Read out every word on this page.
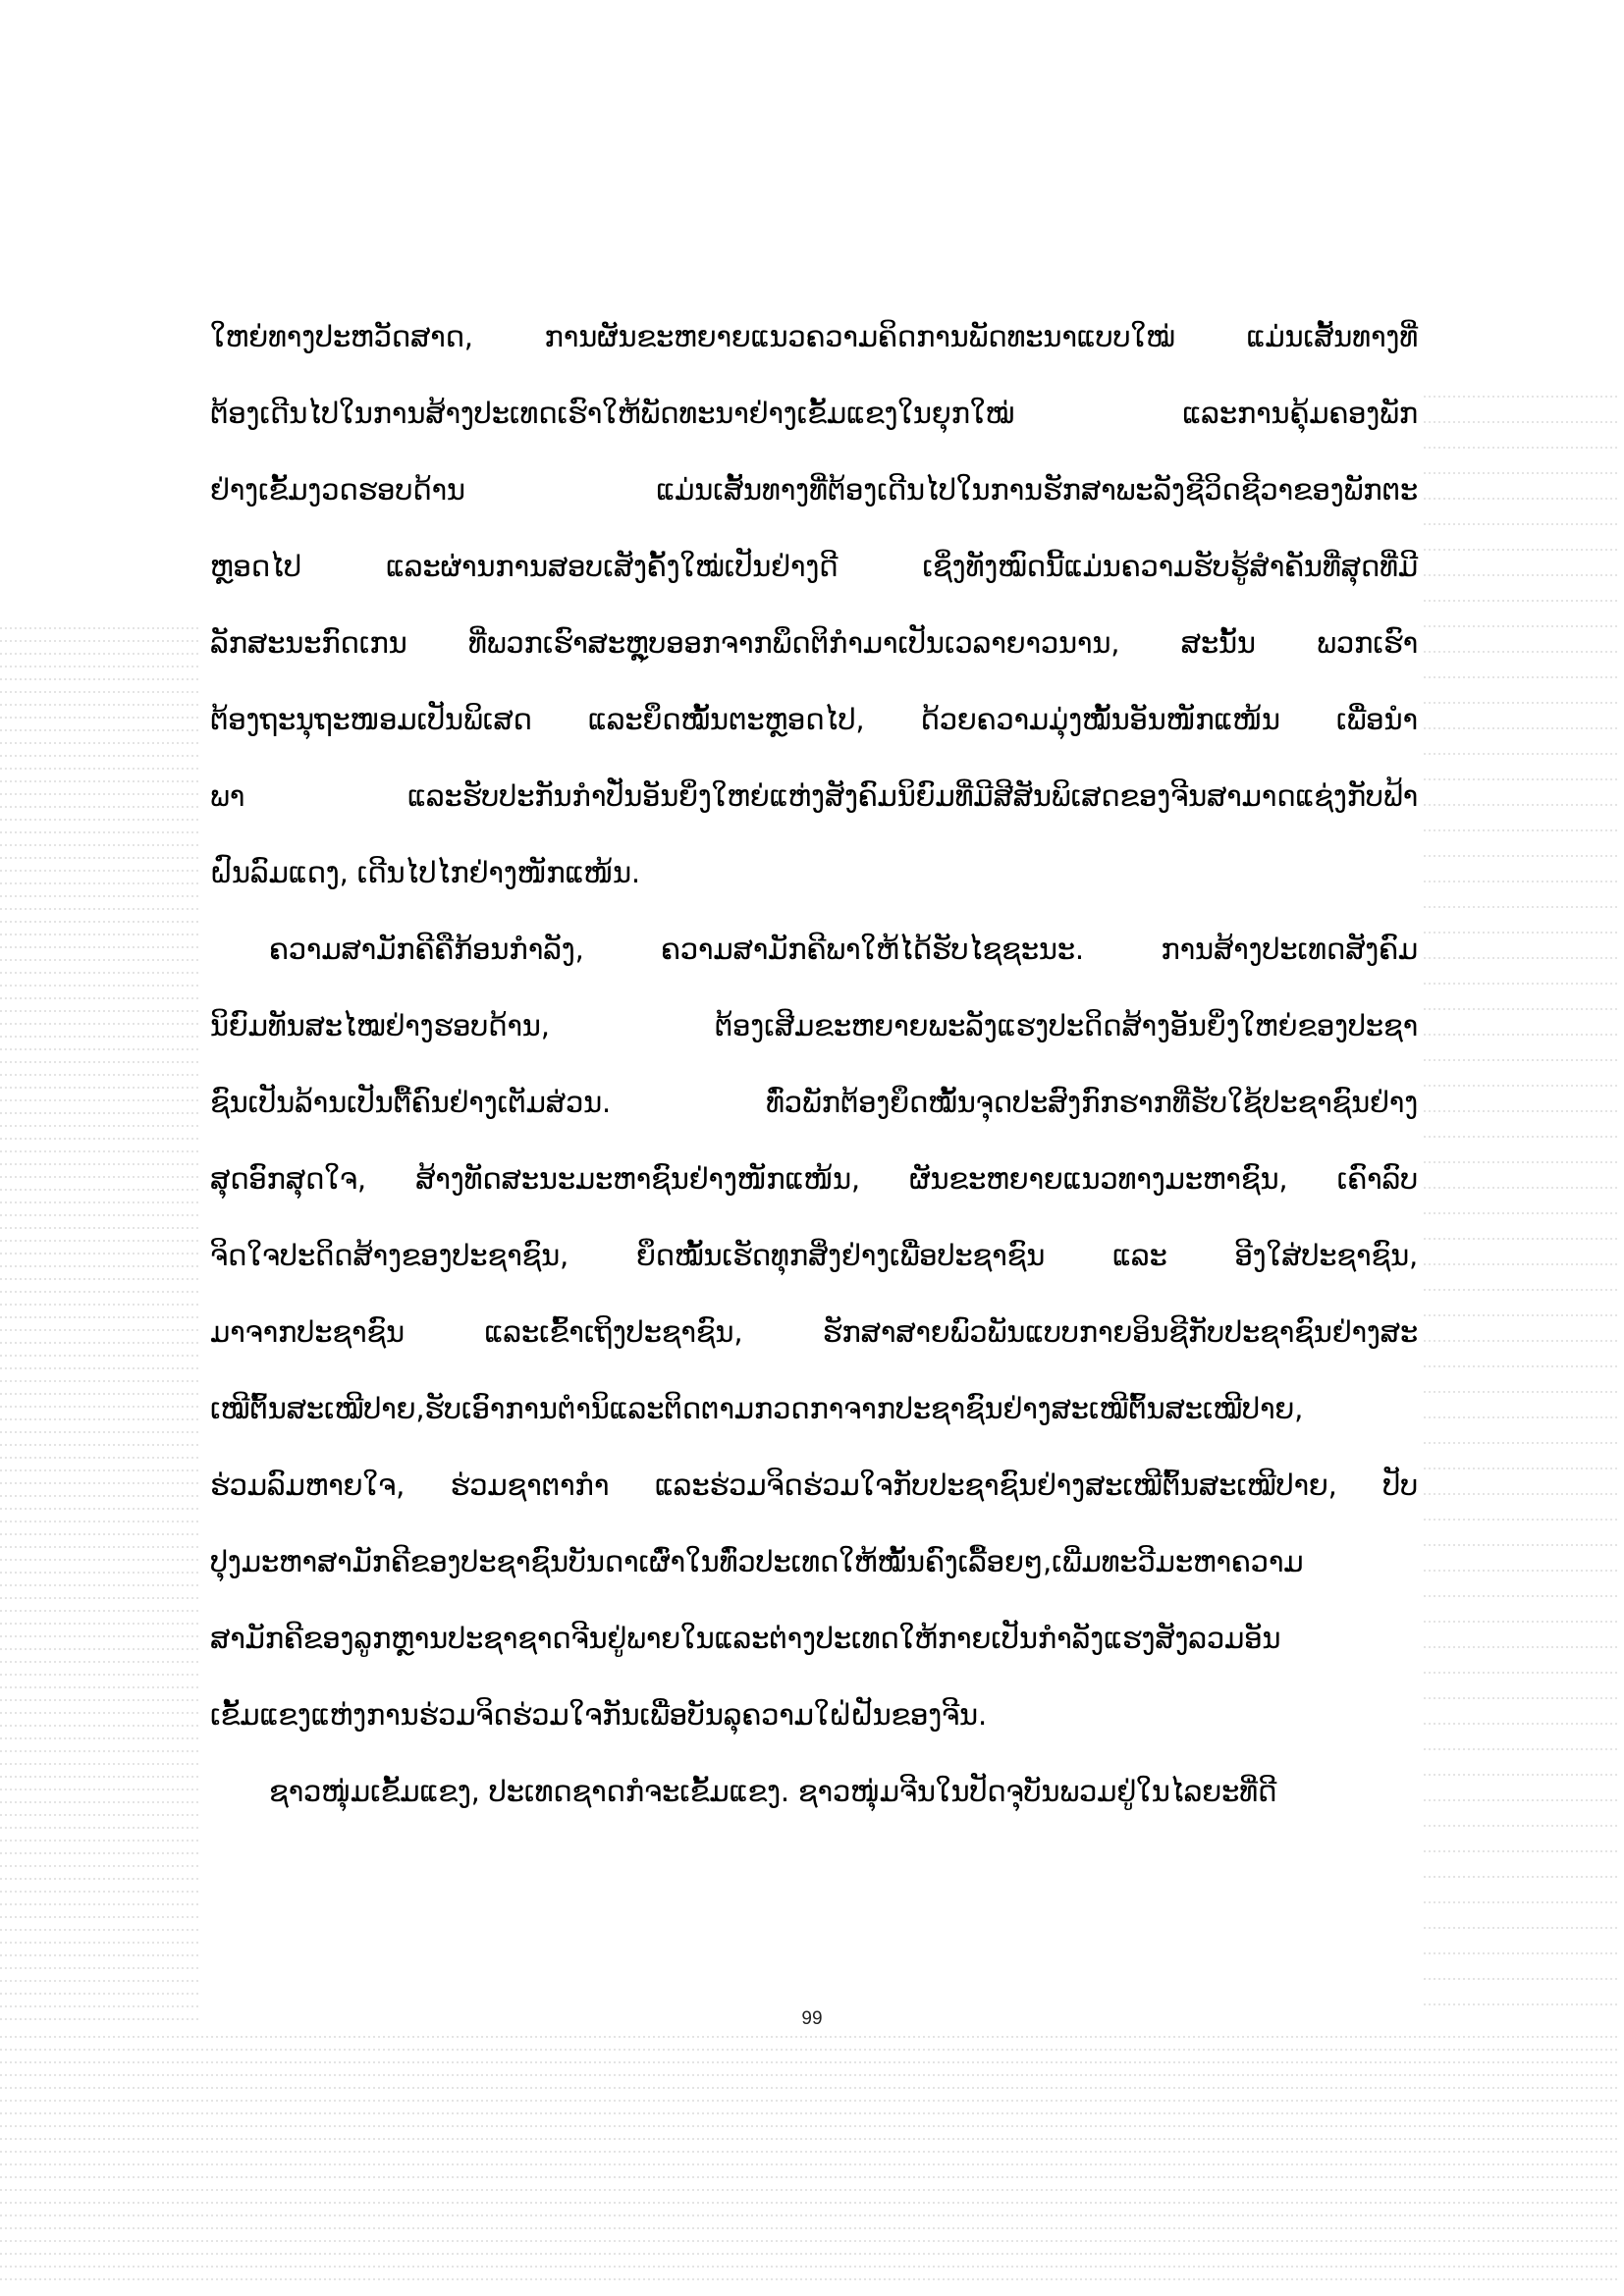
ໃຫຍ່ທາງປະຫວັດສາດ, ການຜັນຂະຫຍາຍແນວຄວາມຄິດການພັດທະນາແບບໃໝ່ ແມ່ນເສັ້ນທາງທີ່
ຕ້ອງເດີນໄປໃນການສ້າງປະເທດເຮົາໃຫ້ພັດທະນາຢ່າງເຂັ້ມແຂງໃນຍຸກໃໝ່ ແລະການຄຸ້ມຄອງພັກ
ຢ່າງເຂັ້ມງວດຮອບດ້ານ ແມ່ນເສັ້ນທາງທີ່ຕ້ອງເດີນໄປໃນການຮັກສາພະລັງຊີວິດຊີວາຂອງພັກຕະ
ຫຼອດໄປ ແລະຜ່ານການສອບເສັງຄັ້ງໃໝ່ເປັນຢ່າງດີ ເຊິ່ງທັງໝົດນີ້ແມ່ນຄວາມຮັບຮູ້ສຳຄັນທີ່ສຸດທີ່ມີ
ລັກສະນະກົດເກນ ທີ່ພວກເຮົາສະຫຼຸບອອກຈາກພຶດຕິກຳມາເປັນເວລາຍາວນານ, ສະນັ້ນ ພວກເຮົາ
ຕ້ອງຖະນຸຖະໜອມເປັນພິເສດ ແລະຍຶດໝັ້ນຕະຫຼອດໄປ, ດ້ວຍຄວາມມຸ່ງໝັ້ນອັນໜັກແໜ້ນ ເພື່ອນຳ
ພາ ແລະຮັບປະກັນກຳປັ່ນອັນຍິ່ງໃຫຍ່ແຫ່ງສັງຄົມນິຍົມທີ່ມີສີສັນພິເສດຂອງຈີນສາມາດແຊ່ງກັບຟ້າ
ຝົນລົມແດງ, ເດີນໄປໄກຢ່າງໜັກແໜ້ນ.
ຄວາມສາມັກຄີຄືກ້ອນກຳລັງ, ຄວາມສາມັກຄີພາໃຫ້ໄດ້ຮັບໄຊຊະນະ. ການສ້າງປະເທດສັງຄົມ
ນິຍົມທັນສະໄໝຢ່າງຮອບດ້ານ, ຕ້ອງເສີມຂະຫຍາຍພະລັງແຮງປະດິດສ້າງອັນຍິ່ງໃຫຍ່ຂອງປະຊາ
ຊົນເປັນລ້ານເປັນຕື້ຄົນຢ່າງເຕັມສ່ວນ. ທົ່ວພັກຕ້ອງຍຶດໝັ້ນຈຸດປະສົງກົກຮາກທີ່ຮັບໃຊ້ປະຊາຊົນຢ່າງ
ສຸດອົກສຸດໃຈ, ສ້າງທັດສະນະມະຫາຊົນຢ່າງໜັກແໜ້ນ, ຜັນຂະຫຍາຍແນວທາງມະຫາຊົນ, ເຄົາລົບ
ຈິດໃຈປະດິດສ້າງຂອງປະຊາຊົນ, ຍຶດໝັ້ນເຮັດທຸກສິ່ງຢ່າງເພື່ອປະຊາຊົນ ແລະ ອີງໃສ່ປະຊາຊົນ,
ມາຈາກປະຊາຊົນ ແລະເຂົ້າເຖິງປະຊາຊົນ, ຮັກສາສາຍພົວພັນແບບກາຍອິນຊີກັບປະຊາຊົນຢ່າງສະ
ເໝີຕົ້ນສະເໝີປາຍ,ຮັບເອົາການຕຳນິແລະຕິດຕາມກວດກາຈາກປະຊາຊົນຢ່າງສະເໝີຕົ້ນສະເໝີປາຍ,
ຮ່ວມລົມຫາຍໃຈ, ຮ່ວມຊາຕາກຳ ແລະຮ່ວມຈິດຮ່ວມໃຈກັບປະຊາຊົນຢ່າງສະເໝີຕົ້ນສະເໝີປາຍ, ປັບ
ປຸງມະຫາສາມັກຄີຂອງປະຊາຊົນບັນດາເຜົ່າໃນທົ່ວປະເທດໃຫ້ໝັ້ນຄົງເລື້ອຍໆ,ເພີ່ມທະວີມະຫາຄວາມ
ສາມັກຄີຂອງລູກຫຼານປະຊາຊາດຈີນຢູ່ພາຍໃນແລະຕ່າງປະເທດໃຫ້ກາຍເປັນກຳລັງແຮງສັງລວມອັນ
ເຂັ້ມແຂງແຫ່ງການຮ່ວມຈິດຮ່ວມໃຈກັນເພື່ອບັນລຸຄວາມໃຝ່ຝັນຂອງຈີນ.
ຊາວໜຸ່ມເຂັ້ມແຂງ, ປະເທດຊາດກໍຈະເຂັ້ມແຂງ. ຊາວໜຸ່ມຈີນໃນປັດຈຸບັນພວມຢູ່ໃນໄລຍະທີ່ດີ
99
